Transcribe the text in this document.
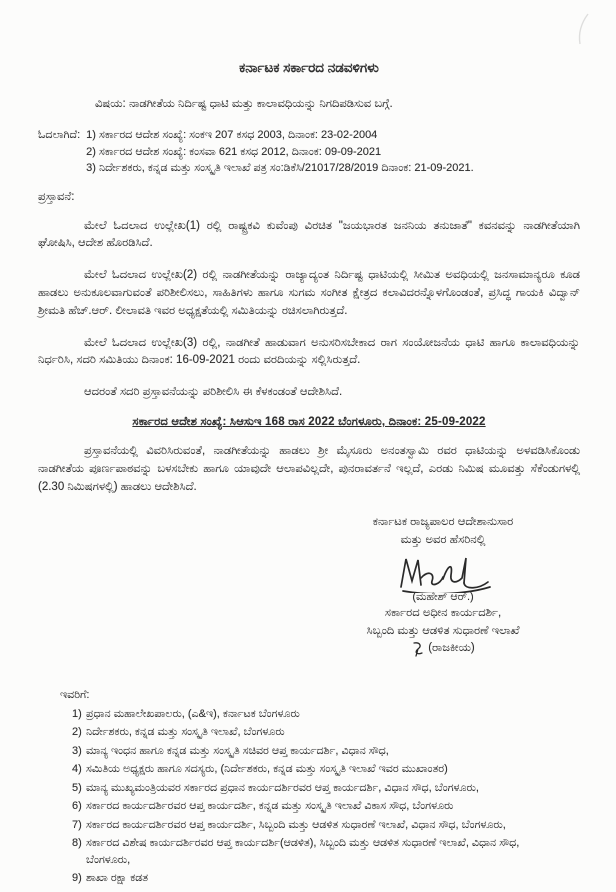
ಕರ್ನಾಟಕ ಸರ್ಕಾರದ ನಡವಳಿಗಳು
ವಿಷಯ: ನಾಡಗೀತೆಯ ನಿರ್ದಿಷ್ಟ ಧಾಟಿ ಮತ್ತು ಕಾಲಾವಧಿಯನ್ನು ನಿಗದಿಪಡಿಸುವ ಬಗ್ಗೆ.
ಓದಲಾಗಿದೆ: 1) ಸರ್ಕಾರದ ಆದೇಶ ಸಂಖ್ಯೆ: ಸಂಕಇ 207 ಕಸಧ 2003, ದಿನಾಂಕ: 23-02-2004
2) ಸರ್ಕಾರದ ಆದೇಶ ಸಂಖ್ಯೆ: ಕಂಸವಾ 621 ಕಸಧ 2012, ದಿನಾಂಕ: 09-09-2021
3) ನಿರ್ದೇಶಕರು, ಕನ್ನಡ ಮತ್ತು ಸಂಸ್ಕೃತಿ ಇಲಾಖೆ ಪತ್ರ ಸಂ:ಡಿಕೆಸಿ/21017/28/2019 ದಿನಾಂಕ: 21-09-2021.
ಪ್ರಸ್ತಾವನೆ:
ಮೇಲೆ ಓದಲಾದ ಉಲ್ಲೇಖ(1) ರಲ್ಲಿ ರಾಷ್ಟ್ರಕವಿ ಕುವೆಂಪು ವಿರಚಿತ "ಜಯಭಾರತ ಜನನಿಯ ತನುಜಾತೆ" ಕವನವನ್ನು ನಾಡಗೀತೆಯಾಗಿ ಘೋಷಿಸಿ, ಆದೇಶ ಹೊರಡಿಸಿದೆ.
ಮೇಲೆ ಓದಲಾದ ಉಲ್ಲೇಖ(2) ರಲ್ಲಿ ನಾಡಗೀತೆಯನ್ನು ರಾಜ್ಯಾದ್ಯಂತ ನಿರ್ದಿಷ್ಟ ಧಾಟಿಯಲ್ಲಿ ಸೀಮಿತ ಅವಧಿಯಲ್ಲಿ ಜನಸಾಮಾನ್ಯರೂ ಕೂಡ ಹಾಡಲು ಅನುಕೂಲವಾಗುವಂತೆ ಪರಿಶೀಲಿಸಲು, ಸಾಹಿತಿಗಳು ಹಾಗೂ ಸುಗಮ ಸಂಗೀತ ಕ್ಷೇತ್ರದ ಕಲಾವಿದರನ್ನೊಳಗೊಂಡಂತೆ, ಪ್ರಸಿದ್ಧ ಗಾಯಕಿ ವಿದ್ವಾನ್ ಶ್ರೀಮತಿ ಹೆಚ್.ಆರ್. ಲೀಲಾವತಿ ಇವರ ಅಧ್ಯಕ್ಷತೆಯಲ್ಲಿ ಸಮಿತಿಯನ್ನು ರಚಿಸಲಾಗಿರುತ್ತದೆ.
ಮೇಲೆ ಓದಲಾದ ಉಲ್ಲೇಖ(3) ರಲ್ಲಿ, ನಾಡಗೀತೆ ಹಾಡುವಾಗ ಅನುಸರಿಸಬೇಕಾದ ರಾಗ ಸಂಯೋಜನೆಯ ಧಾಟಿ ಹಾಗೂ ಕಾಲಾವಧಿಯನ್ನು ನಿರ್ಧರಿಸಿ, ಸದರಿ ಸಮಿತಿಯು ದಿನಾಂಕ: 16-09-2021 ರಂದು ವರದಿಯನ್ನು ಸಲ್ಲಿಸಿರುತ್ತದೆ.
ಆದರಂತೆ ಸದರಿ ಪ್ರಸ್ತಾವನೆಯನ್ನು ಪರಿಶೀಲಿಸಿ ಈ ಕೆಳಕಂಡಂತೆ ಆದೇಶಿಸಿದೆ.
ಸರ್ಕಾರದ ಆದೇಶ ಸಂಖ್ಯೆ: ಸಿಆಸುಇ 168 ರಾಸ 2022 ಬೆಂಗಳೂರು, ದಿನಾಂಕ: 25-09-2022
ಪ್ರಸ್ತಾವನೆಯಲ್ಲಿ ವಿವರಿಸಿರುವಂತೆ, ನಾಡಗೀತೆಯನ್ನು ಹಾಡಲು ಶ್ರೀ ಮೈಸೂರು ಅನಂತಸ್ವಾಮಿ ರವರ ಧಾಟಿಯನ್ನು ಅಳವಡಿಸಿಕೊಂಡು ನಾಡಗೀತೆಯ ಪೂರ್ಣಪಾಠವನ್ನು ಬಳಸಬೇಕು ಹಾಗೂ ಯಾವುದೇ ಆಲಾಪವಿಲ್ಲದೇ, ಪುನರಾವರ್ತನೆ ಇಲ್ಲದೆ, ಎರಡು ನಿಮಿಷ ಮೂವತ್ತು ಸೆಕೆಂಡುಗಳಲ್ಲಿ (2.30 ನಿಮಿಷಗಳಲ್ಲಿ) ಹಾಡಲು ಆದೇಶಿಸಿದೆ.
ಕರ್ನಾಟಕ ರಾಜ್ಯಪಾಲರ ಆದೇಶಾನುಸಾರ
ಮತ್ತು ಅವರ ಹೆಸರಿನಲ್ಲಿ
(ಮಹೇಶ್ ಆರ್.)
ಸರ್ಕಾರದ ಅಧೀನ ಕಾರ್ಯದರ್ಶಿ,
ಸಿಬ್ಬಂದಿ ಮತ್ತು ಆಡಳಿತ ಸುಧಾರಣೆ ಇಲಾಖೆ
(ರಾಜಕೀಯ)
ಇವರಿಗೆ:
1) ಪ್ರಧಾನ ಮಹಾಲೇಖಪಾಲರು, (ಎ&ಇ), ಕರ್ನಾಟಕ ಬೆಂಗಳೂರು
2) ನಿರ್ದೇಶಕರು, ಕನ್ನಡ ಮತ್ತು ಸಂಸ್ಕೃತಿ ಇಲಾಖೆ, ಬೆಂಗಳೂರು
3) ಮಾನ್ಯ ಇಂಧನ ಹಾಗೂ ಕನ್ನಡ ಮತ್ತು ಸಂಸ್ಕೃತಿ ಸಚಿವರ ಆಪ್ತ ಕಾರ್ಯದರ್ಶಿ, ವಿಧಾನ ಸೌಧ,
4) ಸಮಿತಿಯ ಅಧ್ಯಕ್ಷರು ಹಾಗೂ ಸದಸ್ಯರು, (ನಿರ್ದೇಶಕರು, ಕನ್ನಡ ಮತ್ತು ಸಂಸ್ಕೃತಿ ಇಲಾಖೆ ಇವರ ಮುಖಾಂತರ)
5) ಮಾನ್ಯ ಮುಖ್ಯಮಂತ್ರಿಯವರ ಸರ್ಕಾರದ ಪ್ರಧಾನ ಕಾರ್ಯದರ್ಶಿರವರ ಆಪ್ತ ಕಾರ್ಯದರ್ಶಿ, ವಿಧಾನ ಸೌಧ, ಬೆಂಗಳೂರು,
6) ಸರ್ಕಾರದ ಕಾರ್ಯದರ್ಶಿರವರ ಆಪ್ತ ಕಾರ್ಯದರ್ಶಿ, ಕನ್ನಡ ಮತ್ತು ಸಂಸ್ಕೃತಿ ಇಲಾಖೆ ವಿಕಾಸ ಸೌಧ, ಬೆಂಗಳೂರು
7) ಸರ್ಕಾರದ ಕಾರ್ಯದರ್ಶಿರವರ ಆಪ್ತ ಕಾರ್ಯದರ್ಶಿ, ಸಿಬ್ಬಂದಿ ಮತ್ತು ಆಡಳಿತ ಸುಧಾರಣೆ ಇಲಾಖೆ, ವಿಧಾನ ಸೌಧ, ಬೆಂಗಳೂರು,
8) ಸರ್ಕಾರದ ವಿಶೇಷ ಕಾರ್ಯದರ್ಶಿರವರ ಆಪ್ತ ಕಾರ್ಯದರ್ಶಿ(ಆಡಳಿತ), ಸಿಬ್ಬಂದಿ ಮತ್ತು ಆಡಳಿತ ಸುಧಾರಣೆ ಇಲಾಖೆ, ವಿಧಾನ ಸೌಧ, ಬೆಂಗಳೂರು,
9) ಶಾಖಾ ರಕ್ಷಾ ಕಡತ
